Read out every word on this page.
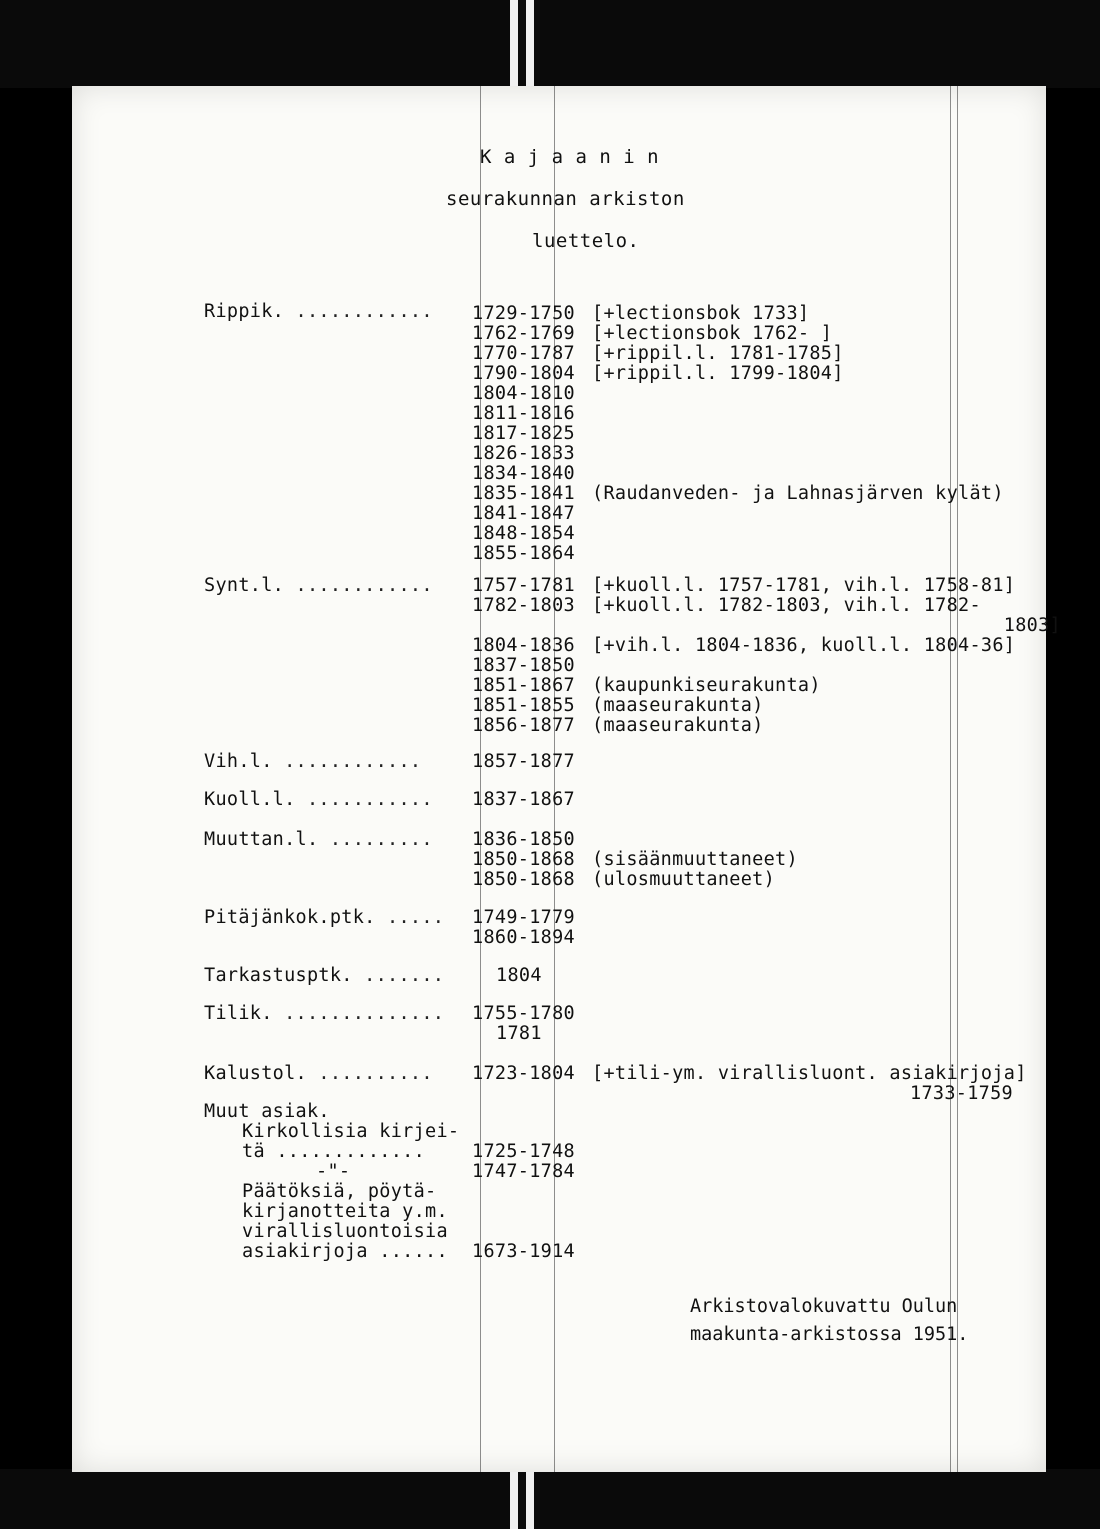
K a j a a n i n
seurakunnan arkiston
luettelo.
Rippik. ............ 1729-1750 [+lectionsbok 1733]
1762-1769 [+lectionsbok 1762- ]
1770-1787 [+rippil.l. 1781-1785]
1790-1804 [+rippil.l. 1799-1804]
1804-1810
1811-1816
1817-1825
1826-1833
1834-1840
1835-1841 (Raudanveden- ja Lahnasjärven kylät)
1841-1847
1848-1854
1855-1864
Synt.l. ............ 1757-1781 [+kuoll.l. 1757-1781, vih.l. 1758-81]
1782-1803 [+kuoll.l. 1782-1803, vih.l. 1782-
1803]
1804-1836 [+vih.l. 1804-1836, kuoll.l. 1804-36]
1837-1850
1851-1867 (kaupunkiseurakunta)
1851-1855 (maaseurakunta)
1856-1877 (maaseurakunta)
Vih.l. ............	1857-1877
Kuoll.l. ........... 1837-1867
Muuttan.l. ......... 1836-1850
1850-1868 (sisäänmuuttaneet)
1850-1868 (ulosmuuttaneet)
Pitäjänkok.ptk. ..... 1749-1779
1860-1894
Tarkastusptk. .......	1804
Tilik. .............. 1755-1780
1781
Kalustol. .......... 1723-1804 [+tili-ym. virallisluont. asiakirjoja]
1733-1759
Muut asiak.
Kirkollisia kirjei-
tä .............	1725-1748
-"-	1747-1784
Päätöksiä, pöytä-
kirjanotteita y.m.
virallisluontoisia
asiakirjoja ...... 1673-1914
Arkistovalokuvattu Oulun
maakunta-arkistossa 1951.
